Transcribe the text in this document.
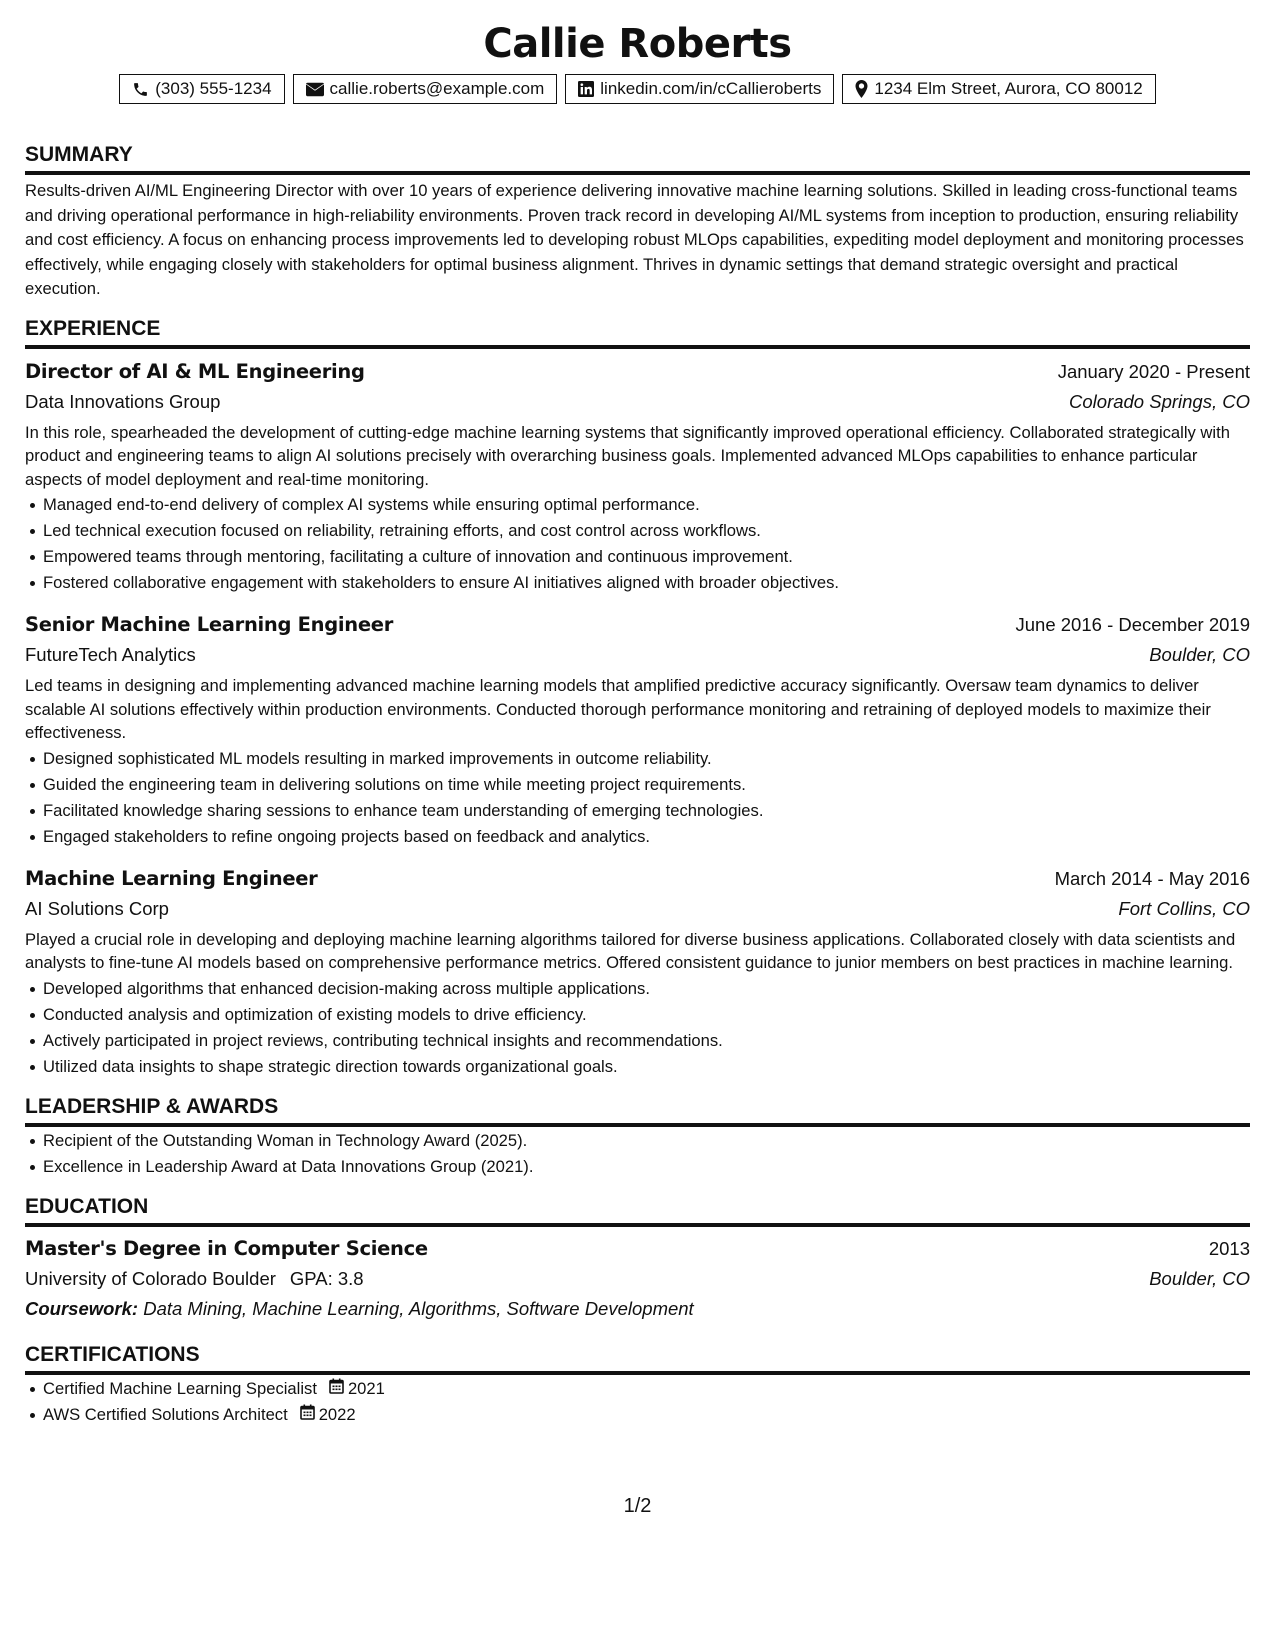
Callie Roberts
(303) 555-1234	callie.roberts@example.com	linkedin.com/in/cCallieroberts	1234 Elm Street, Aurora, CO 80012
SUMMARY

Results-driven AI/ML Engineering Director with over 10 years of experience delivering innovative machine learning solutions. Skilled in leading cross-functional teams and driving operational performance in high-reliability environments. Proven track record in developing AI/ML systems from inception to production, ensuring reliability and cost efficiency. A focus on enhancing process improvements led to developing robust MLOps capabilities, expediting model deployment and monitoring processes effectively, while engaging closely with stakeholders for optimal business alignment. Thrives in dynamic settings that demand strategic oversight and practical execution.

EXPERIENCE
Director of AI & ML Engineering	January 2020 - Present
Data Innovations Group	Colorado Springs, CO

In this role, spearheaded the development of cutting-edge machine learning systems that significantly improved operational efficiency. Collaborated strategically with product and engineering teams to align AI solutions precisely with overarching business goals. Implemented advanced MLOps capabilities to enhance particular aspects of model deployment and real-time monitoring.

Managed end-to-end delivery of complex AI systems while ensuring optimal performance.
Led technical execution focused on reliability, retraining efforts, and cost control across workflows.
Empowered teams through mentoring, facilitating a culture of innovation and continuous improvement.
Fostered collaborative engagement with stakeholders to ensure AI initiatives aligned with broader objectives.
Senior Machine Learning Engineer	June 2016 - December 2019
FutureTech Analytics	Boulder, CO

Led teams in designing and implementing advanced machine learning models that amplified predictive accuracy significantly. Oversaw team dynamics to deliver scalable AI solutions effectively within production environments. Conducted thorough performance monitoring and retraining of deployed models to maximize their effectiveness.

Designed sophisticated ML models resulting in marked improvements in outcome reliability.
Guided the engineering team in delivering solutions on time while meeting project requirements.
Facilitated knowledge sharing sessions to enhance team understanding of emerging technologies.
Engaged stakeholders to refine ongoing projects based on feedback and analytics.
Machine Learning Engineer	March 2014 - May 2016
AI Solutions Corp	Fort Collins, CO

Played a crucial role in developing and deploying machine learning algorithms tailored for diverse business applications. Collaborated closely with data scientists and analysts to fine-tune AI models based on comprehensive performance metrics. Offered consistent guidance to junior members on best practices in machine learning.

Developed algorithms that enhanced decision-making across multiple applications.
Conducted analysis and optimization of existing models to drive efficiency.
Actively participated in project reviews, contributing technical insights and recommendations.
Utilized data insights to shape strategic direction towards organizational goals.
LEADERSHIP & AWARDS
Recipient of the Outstanding Woman in Technology Award (2025).
Excellence in Leadership Award at Data Innovations Group (2021).
EDUCATION
Master's Degree in Computer Science	2013
University of Colorado Boulder GPA: 3.8	Boulder, CO
Coursework: Data Mining, Machine Learning, Algorithms, Software Development
CERTIFICATIONS
Certified Machine Learning Specialist 2021
AWS Certified Solutions Architect 2022
1/2
